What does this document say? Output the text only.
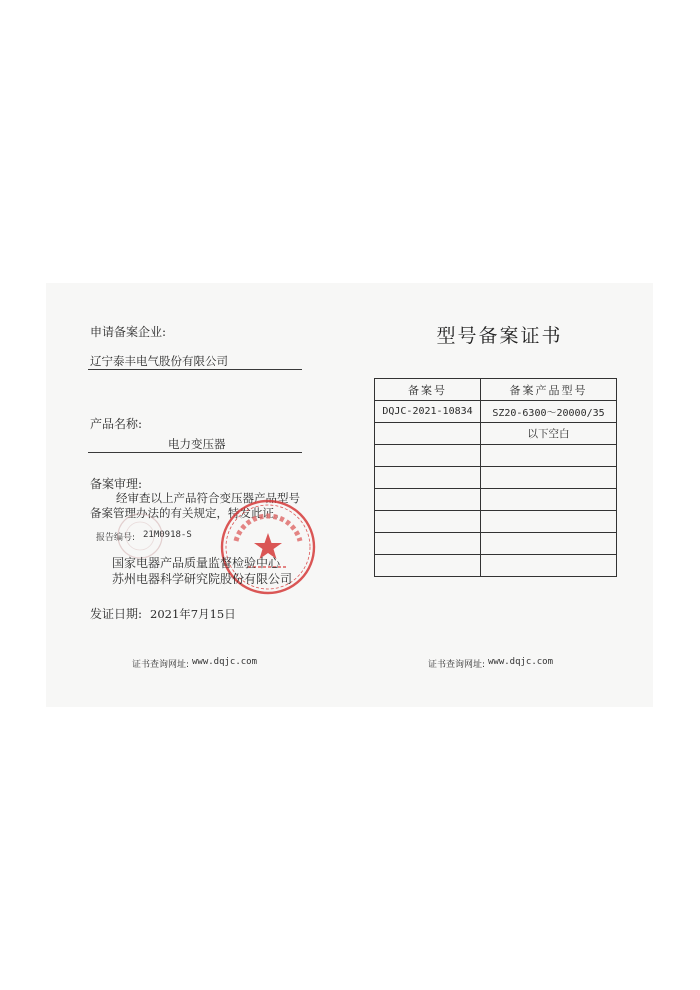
申请备案企业:
辽宁泰丰电气股份有限公司
产品名称:
电力变压器
备案审理:
经审查以上产品符合变压器产品型号
备案管理办法的有关规定，特发此证。
报告编号: 21M0918-S
国家电器产品质量监督检验中心
苏州电器科学研究院股份有限公司
发证日期: 2021年7月15日
证书查询网址: www.dqjc.com
型号备案证书
备案号	备案产品型号
DQJC-2021-10834	SZ20-6300～20000/35
	以下空白

证书查询网址: www.dqjc.com
